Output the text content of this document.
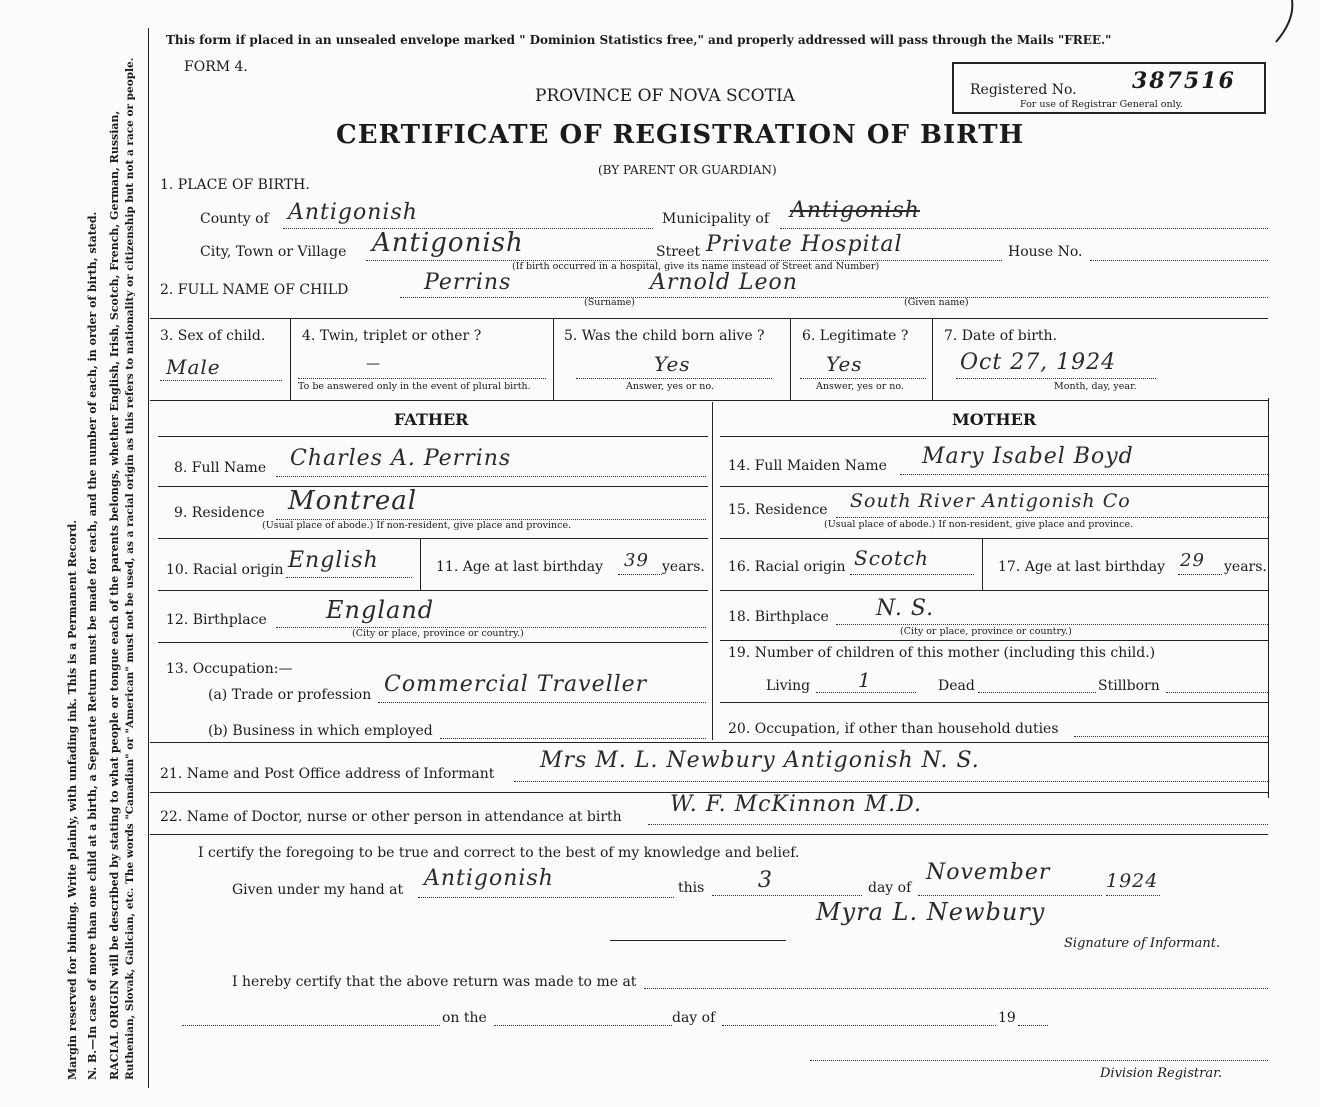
Margin reserved for binding. Write plainly, with unfading ink. This is a Permanent Record. N. B.—In case of more than one child at a birth, a Separate Return must be made for each, and the number of each, in order of birth, stated. RACIAL ORIGIN will be described by stating to what people or tongue each of the parents belongs, whether English, Irish, Scotch, French, German, Russian, Ruthenian, Slovak, Galician, etc. The words "Canadian" or "American" must not be used, as a racial origin as this refers to nationality or citizenship but not a race or people.
This form if placed in an unsealed envelope marked " Dominion Statistics free," and properly addressed will pass through the Mails "FREE."
FORM 4.
PROVINCE OF NOVA SCOTIA
CERTIFICATE OF REGISTRATION OF BIRTH
(BY PARENT OR GUARDIAN)
Registered No.	387516
For use of Registrar General only.
1. PLACE OF BIRTH.
County of Antigonish	Municipality of Antigonish
City, Town or Village Antigonish	Street Private Hospital	House No.
(If birth occurred in a hospital, give its name instead of Street and Number)
2. FULL NAME OF CHILD	Perrins
(Surname)
Arnold Leon
(Given name)
3. Sex of child.
Male
4. Twin, triplet or other ?
—
To be answered only in the event of plural birth.
5. Was the child born alive ?
Yes
Answer, yes or no.
6. Legitimate ?
Yes
Answer, yes or no.
7. Date of birth.
Oct 27, 1924
Month, day, year.
FATHER	MOTHER
8. Full Name Charles A. Perrins	14. Full Maiden Name Mary Isabel Boyd
9. Residence Montreal
(Usual place of abode.) If non-resident, give place and province.
15. Residence South River Antigonish Co
(Usual place of abode.) If non-resident, give place and province.
10. Racial origin English	11. Age at last birthday 39 years. 16. Racial origin Scotch	17. Age at last birthday 29 years.
12. Birthplace England
(City or place, province or country.)
18. Birthplace N. S.
(City or place, province or country.)
13. Occupation:—
(a) Trade or profession Commercial Traveller
(b) Business in which employed
19. Number of children of this mother (including this child.)
Living 1	Dead	Stillborn
20. Occupation, if other than household duties
21. Name and Post Office address of Informant
Mrs M. L. Newbury Antigonish N. S.
22. Name of Doctor, nurse or other person in attendance at birth W. F. McKinnon M.D.
I certify the foregoing to be true and correct to the best of my knowledge and belief.
Given under my hand at Antigonish	this 3	day of
November	1924
Myra L. Newbury
Signature of Informant.
I hereby certify that the above return was made to me at
on the	day of	19
Division Registrar.
